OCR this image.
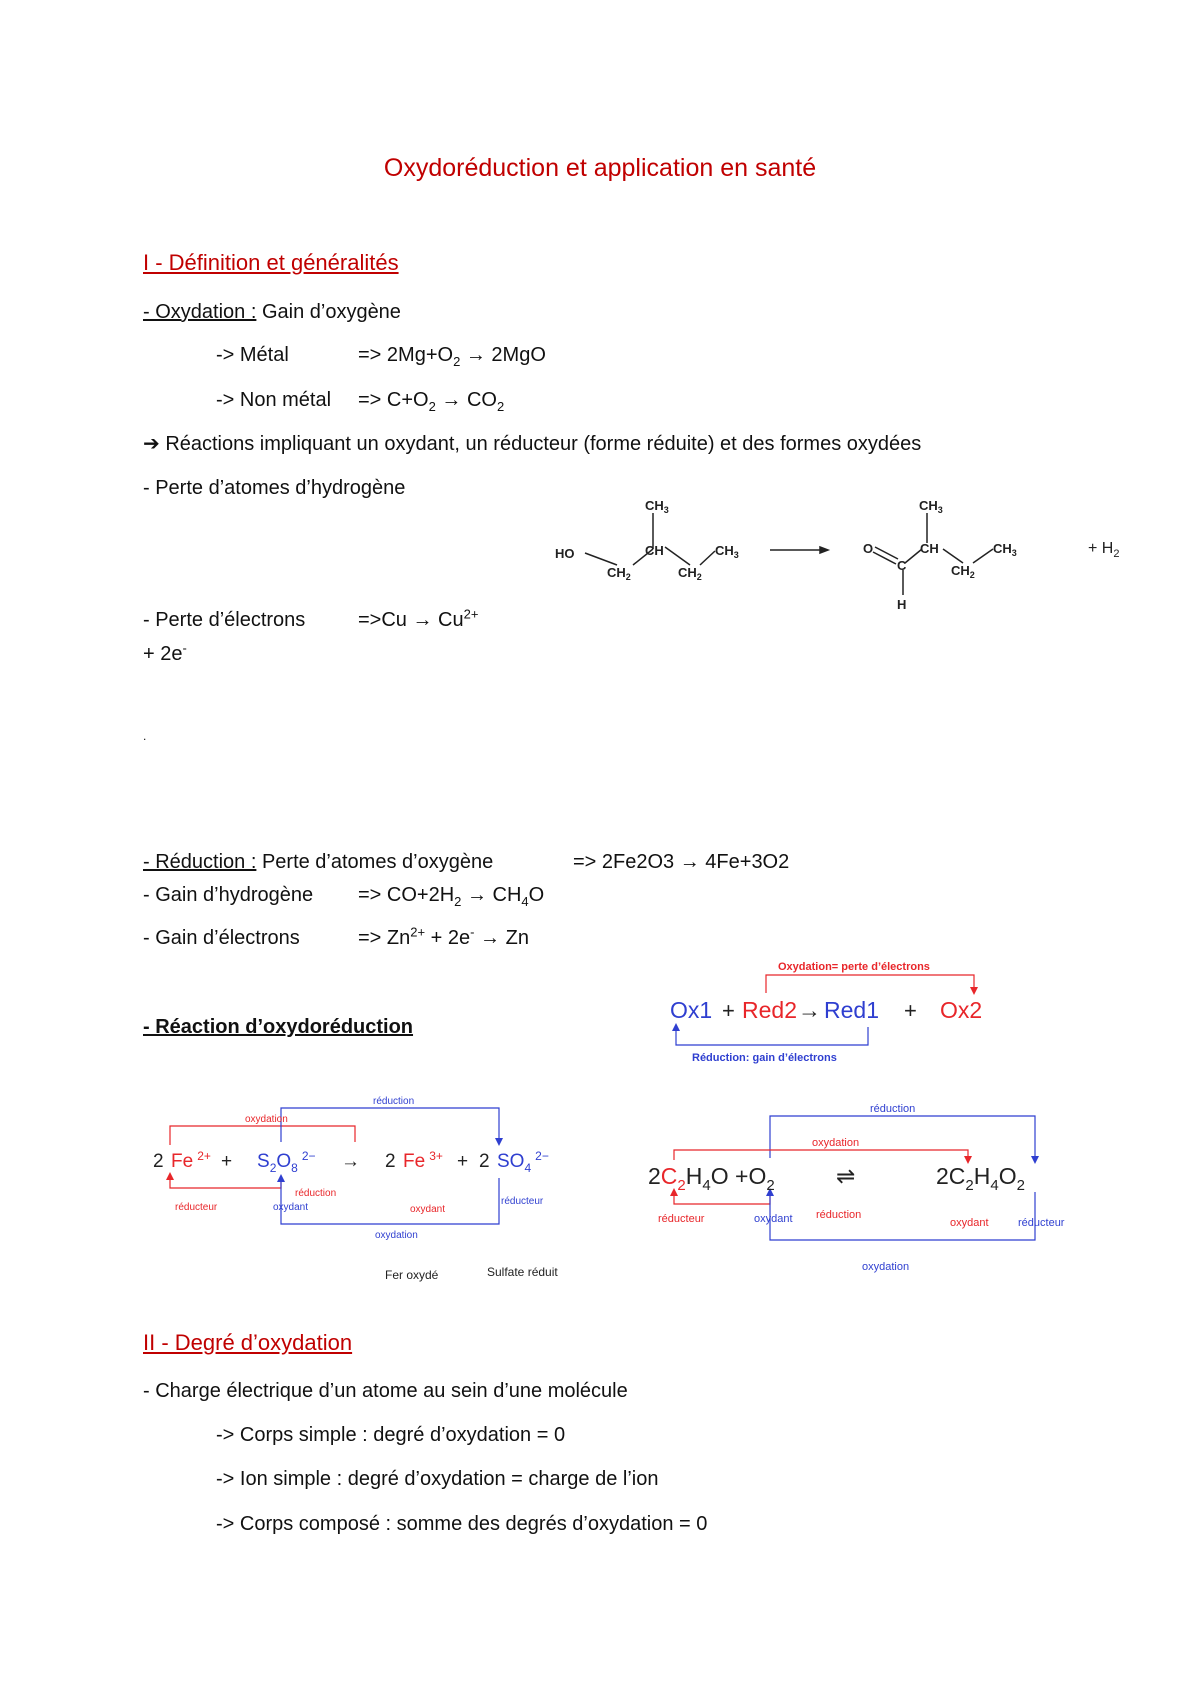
Oxydoréduction et application en santé
I - Définition et généralités
- Oxydation : Gain d’oxygène
-> Métal	=> $2Mg+O_2 \to 2MgO$
-> Non métal => $C+O_2 \to CO_2$
➔ Réactions impliquant un oxydant, un réducteur (forme réduite) et des formes oxydées
- Perte d’atomes d’hydrogène
$CH_3$
HO	CH
$CH_2$	$CH_2$
$CH_3$
$CH_3$
O
C
CH
H
$CH_2$
$CH_3$	+ $H_2$
- Perte d’électrons	$=>Cu \to Cu^{2+}$
+ 2e-
.
- Réduction : Perte d’atomes d’oxygène	=> 2Fe2O3 → 4Fe+3O2
- Gain d’hydrogène => $CO+2H_2 \to CH_4O$
- Gain d’électrons	=> $Zn^{2+} + 2e^- \to Zn$
- Réaction d’oxydoréduction
Oxydation= perte d’électrons
Ox1 + Red2 → Red1 + Ox2
Réduction: gain d’électrons
réduction
oxydation
2 Fe $^{2+} + S_2O_8^{2-} \to 2$ Fe $^{3+}$ + 2 $SO_4^{2-}$
réduction
réducteur	oxydant	oxydant
réducteur
oxydation
Fer oxydé	Sulfate réduit
réduction
oxydation
$2C_2H_4O +O_2$	⇌	$2C_2H_4O_2$
réducteur	oxydant réduction
oxydant	réducteur
oxydation
II - Degré d’oxydation
- Charge électrique d’un atome au sein d’une molécule
-> Corps simple : degré d’oxydation = 0
-> Ion simple : degré d’oxydation = charge de l’ion
-> Corps composé : somme des degrés d’oxydation = 0
